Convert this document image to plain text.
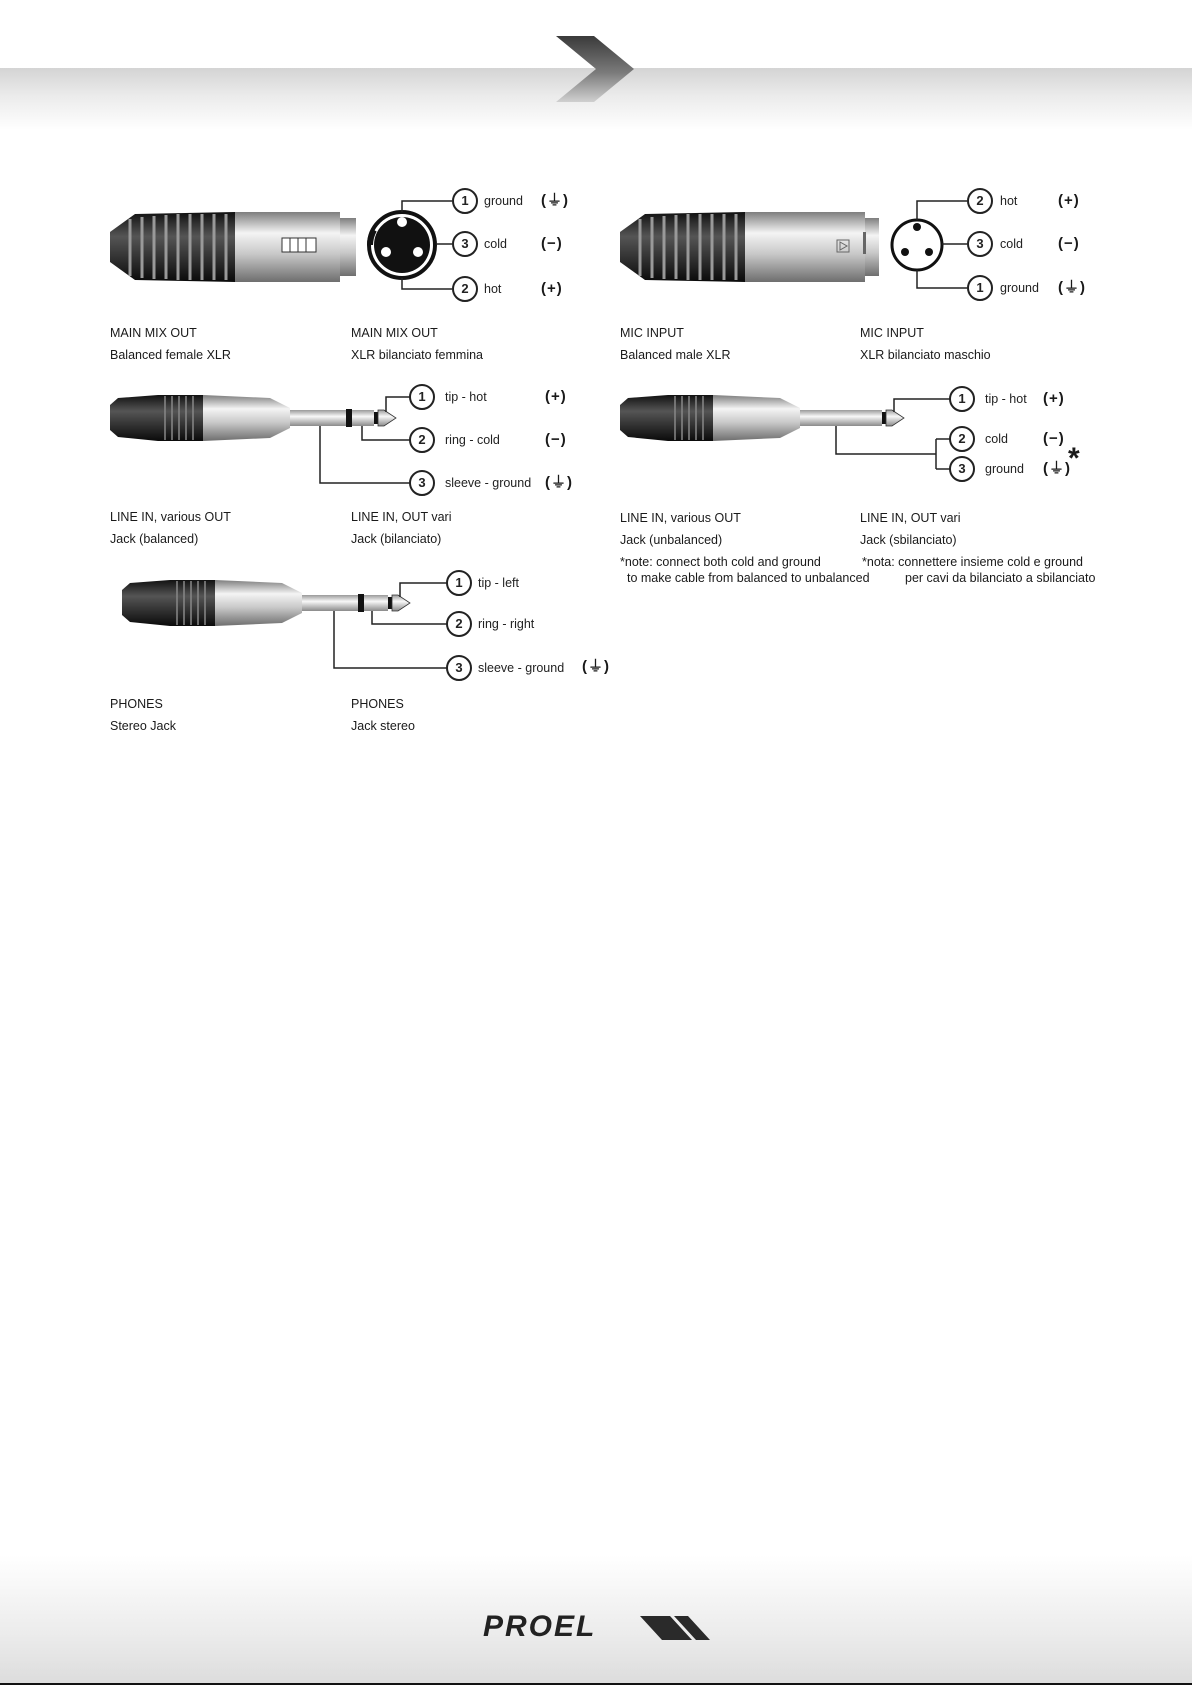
1
3
2
2
3
1
1
2
3
1
2
3
1
2
3
ground
cold
hot
hot
cold
ground
tip - hot
ring - cold
sleeve - ground
tip - hot
cold
ground
tip - left
ring - right
sleeve - ground
(⏚)
(−)
(+)
(+)
(−)
(⏚)
(+)
(−)
(⏚)
(+)
(−)
(⏚)
*
(⏚)
MAIN MIX OUT
Balanced female XLR
MAIN MIX OUT
XLR bilanciato femmina
MIC INPUT
Balanced male XLR
MIC INPUT
XLR bilanciato maschio
LINE IN, various OUT
Jack (balanced)
LINE IN, OUT vari
Jack (bilanciato)
LINE IN, various OUT
Jack (unbalanced)
LINE IN, OUT vari
Jack (sbilanciato)
*note: connect both cold and ground
to make cable from balanced to unbalanced
*nota: connettere insieme cold e ground
per cavi da bilanciato a sbilanciato
PHONES
Stereo Jack
PHONES
Jack stereo
PROEL
